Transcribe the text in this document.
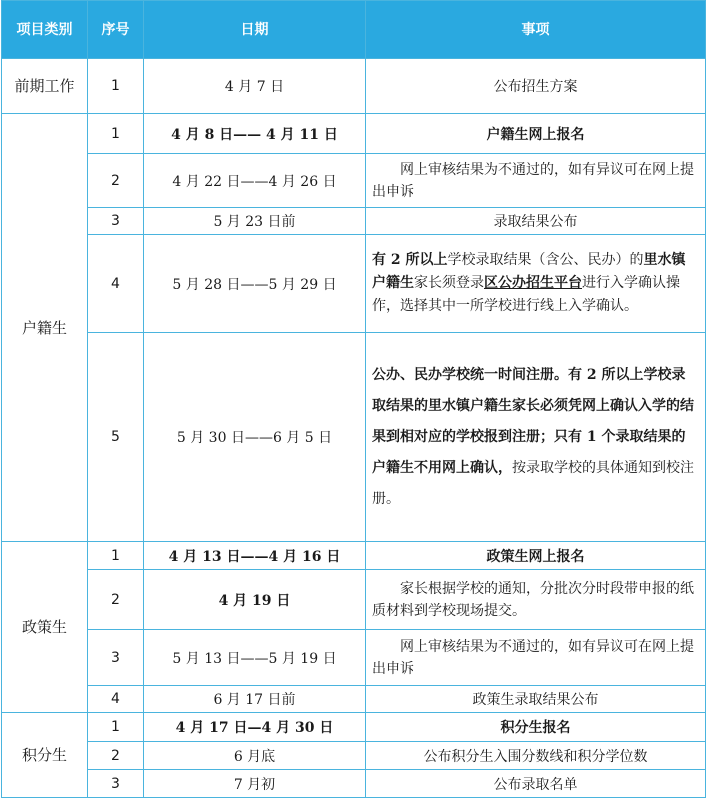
项目类别	序号	日期	事项
前期工作	1	4 月 7 日	公布招生方案
户籍生	1	4 月 8 日—— 4 月 11 日	户籍生网上报名
	2	4 月 22 日——4 月 26 日	网上审核结果为不通过的，如有异议可在网上提出申诉
	3	5 月 23 日前	录取结果公布
	4	5 月 28 日——5 月 29 日	有 2 所以上学校录取结果（含公、民办）的里水镇户籍生家长须登录区公办招生平台进行入学确认操作，选择其中一所学校进行线上入学确认。
	5	5 月 30 日——6 月 5 日	公办、民办学校统一时间注册。有 2 所以上学校录取结果的里水镇户籍生家长必须凭网上确认入学的结果到相对应的学校报到注册；只有 1 个录取结果的户籍生不用网上确认，按录取学校的具体通知到校注册。
政策生	1	4 月 13 日——4 月 16 日	政策生网上报名
	2	4 月 19 日	家长根据学校的通知，分批次分时段带申报的纸质材料到学校现场提交。
	3	5 月 13 日——5 月 19 日	网上审核结果为不通过的，如有异议可在网上提出申诉
	4	6 月 17 日前	政策生录取结果公布
积分生	1	4 月 17 日—4 月 30 日	积分生报名
	2	6 月底	公布积分生入围分数线和积分学位数
	3	7 月初	公布录取名单
